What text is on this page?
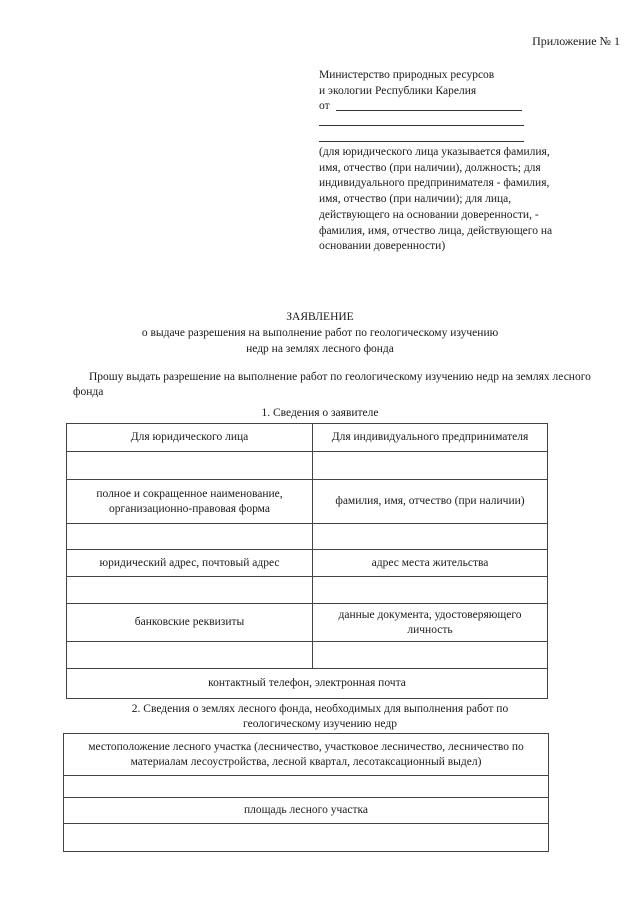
Приложение № 1
Министерство природных ресурсов
и экологии Республики Карелия
от
(для юридического лица указывается фамилия, имя, отчество (при наличии), должность; для индивидуального предпринимателя - фамилия, имя, отчество (при наличии); для лица, действующего на основании доверенности, - фамилия, имя, отчество лица, действующего на основании доверенности)
ЗАЯВЛЕНИЕ
о выдаче разрешения на выполнение работ по геологическому изучению
недр на землях лесного фонда
Прошу выдать разрешение на выполнение работ по геологическому изучению недр на землях лесного фонда
1. Сведения о заявителе
Для юридического лица	Для индивидуального предпринимателя

полное и сокращенное наименование, организационно-правовая форма	фамилия, имя, отчество (при наличии)

юридический адрес, почтовый адрес	адрес места жительства

банковские реквизиты	данные документа, удостоверяющего личность

контактный телефон, электронная почта	
2. Сведения о землях лесного фонда, необходимых для выполнения работ по
геологическому изучению недр
местоположение лесного участка (лесничество, участковое лесничество, лесничество по материалам лесоустройства, лесной квартал, лесотаксационный выдел)

площадь лесного участка
